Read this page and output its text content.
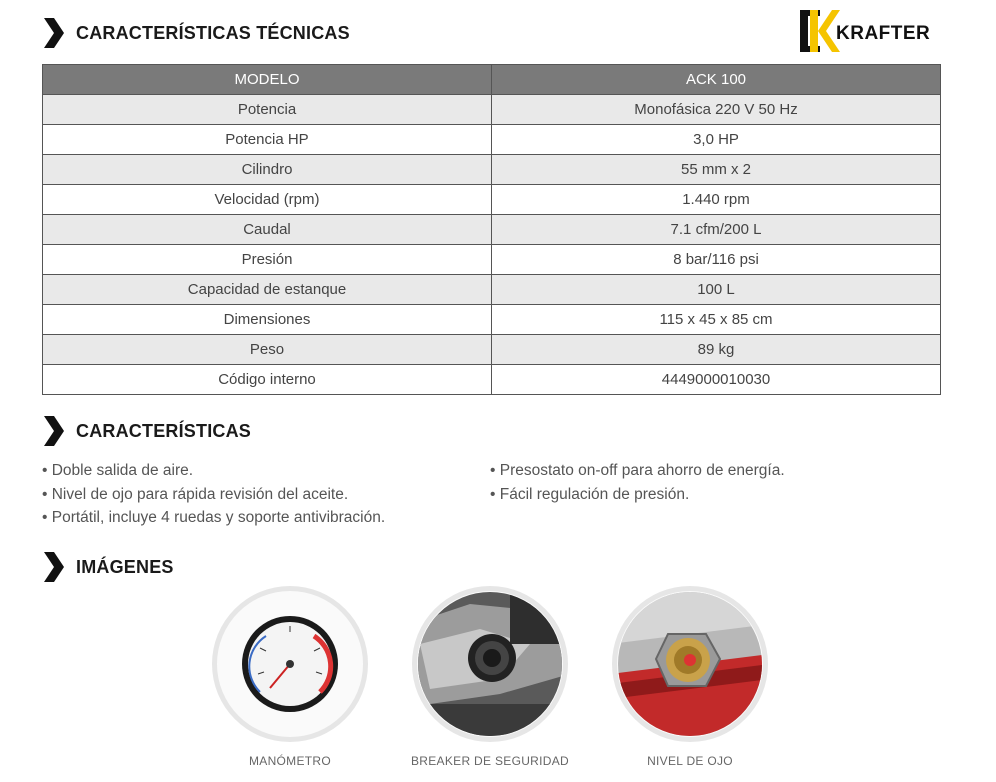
CARACTERÍSTICAS TÉCNICAS	KRAFTER
MODELO	ACK 100
Potencia	Monofásica 220 V 50 Hz
Potencia HP	3,0 HP
Cilindro	55 mm x 2
Velocidad (rpm)	1.440 rpm
Caudal	7.1 cfm/200 L
Presión	8 bar/116 psi
Capacidad de estanque	100 L
Dimensiones	115 x 45 x 85 cm
Peso	89 kg
Código interno	4449000010030
CARACTERÍSTICAS
• Doble salida de aire.
• Nivel de ojo para rápida revisión del aceite.
• Portátil, incluye 4 ruedas y soporte antivibración.
• Presostato on-off para ahorro de energía.
• Fácil regulación de presión.
IMÁGENES
MANÓMETRO	BREAKER DE SEGURIDAD	NIVEL DE OJO
